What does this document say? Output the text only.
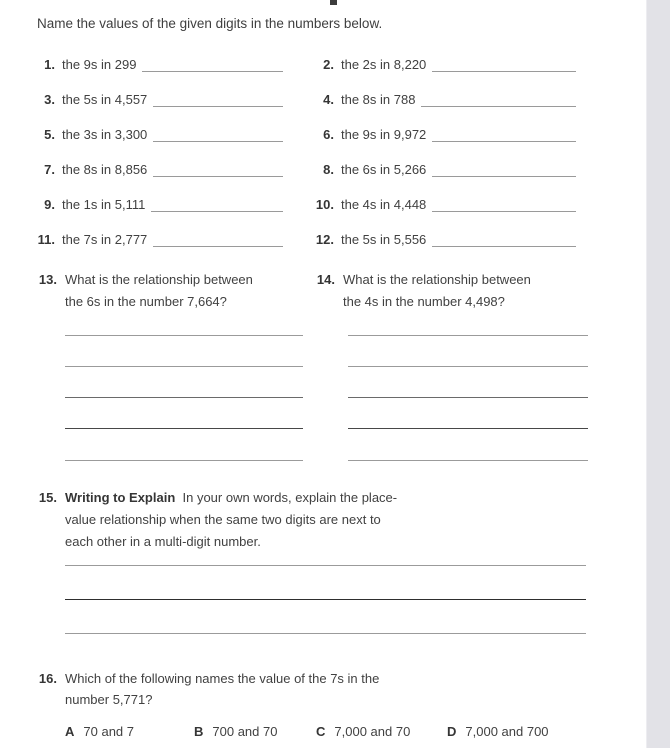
Name the values of the given digits in the numbers below.
1. the 9s in 299	2. the 2s in 8,220
3. the 5s in 4,557	4. the 8s in 788
5. the 3s in 3,300	6. the 9s in 9,972
7. the 8s in 8,856	8. the 6s in 5,266
9. the 1s in 5,111	10. the 4s in 4,448
11. the 7s in 2,777	12. the 5s in 5,556
13. What is the relationship between
the 6s in the number 7,664?
14. What is the relationship between
the 4s in the number 4,498?
15. Writing to Explain In your own words, explain the place-
value relationship when the same two digits are next to
each other in a multi-digit number.
16. Which of the following names the value of the 7s in the
number 5,771?
A 70 and 7	B 700 and 70	C 7,000 and 70	D 7,000 and 700
